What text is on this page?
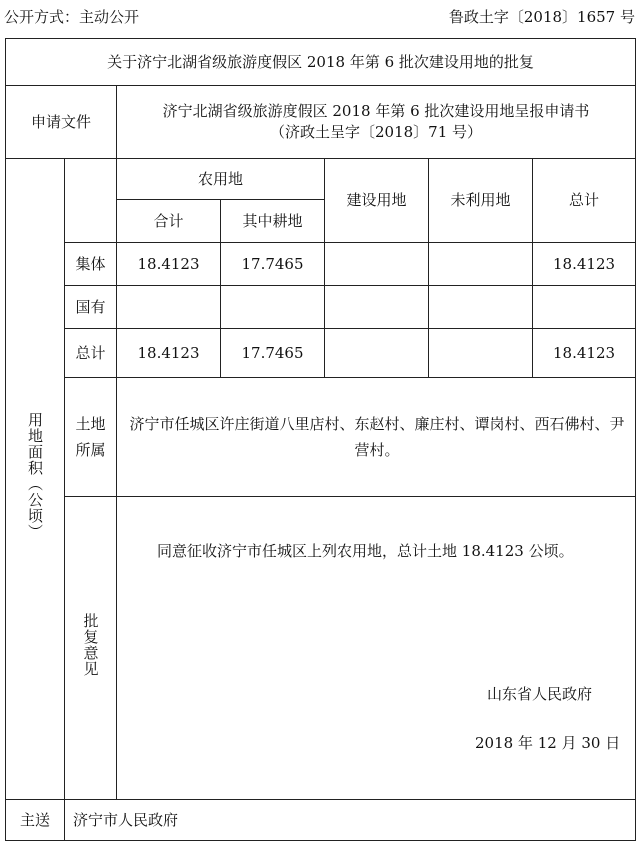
公开方式：主动公开	鲁政土字〔2018〕1657 号
关于济宁北湖省级旅游度假区 2018 年第 6 批次建设用地的批复						
申请文件		济宁北湖省级旅游度假区 2018 年第 6 批次建设用地呈报申请书
（济政土呈字〔2018〕71 号）				

用地面积（公顷）		农用地		建设用地	未利用地	总计
		合计	其中耕地			
	集体	18.4123	17.7465			18.4123
	国有					
	总计	18.4123	17.7465			18.4123

	土地所属	济宁市任城区许庄街道八里店村、东赵村、廉庄村、谭岗村、西石佛村、尹营村。				
	批复意见	同意征收济宁市任城区上列农用地，总计土地 18.4123 公顷。
山东省人民政府
2018 年 12 月 30 日				

主送	济宁市人民政府					
